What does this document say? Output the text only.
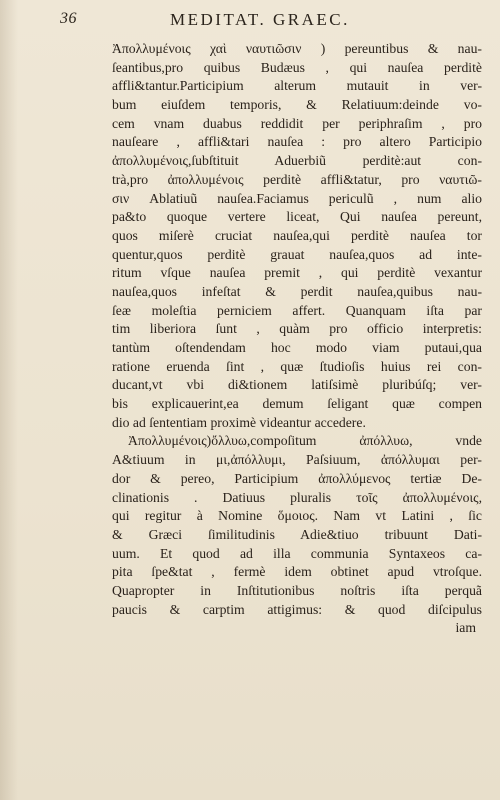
36	MEDITAT. GRAEC.
Ἀπολλυμένοις χαὶ ναυτιῶσιν ) pereuntibus & nau-
ſeantibus,pro quibus Budæus , qui nauſea perditè
affli&tantur.Participium alterum mutauit in ver-
bum eiuſdem temporis, & Relatiuum:deinde vo-
cem vnam duabus reddidit per periphraſim , pro
nauſeare , affli&tari nauſea : pro altero Participio
ἀπολλυμένοις,ſubſtituit Aduerbiũ perditè:aut con-
trà,pro ἀπολλυμένοις perditè affli&tatur, pro ναυτιῶ-
σιν Ablatiuũ nauſea.Faciamus periculũ , num alio
pa&to quoque vertere liceat, Qui nauſea pereunt,
quos miſerè cruciat nauſea,qui perditè nauſea tor
quentur,quos perditè grauat nauſea,quos ad inte-
ritum vſque nauſea premit , qui perditè vexantur
nauſea,quos infeſtat & perdit nauſea,quibus nau-
ſeæ moleſtia perniciem affert. Quanquam iſta par
tim liberiora ſunt , quàm pro officio interpretis:
tantùm oſtendendam hoc modo viam putaui,qua
ratione eruenda ſint , quæ ſtudioſis huius rei con-
ducant,vt vbi di&tionem latiſsimè pluribúſq; ver-
bis explicauerint,ea demum ſeligant quæ compen
dio ad ſententiam proximè videantur accedere.
Ἀπολλυμένοις)ὄλλυω,compoſitum ἀπόλλυω, vnde
A&tiuum in μι,ἀπόλλυμι, Paſsiuum, ἀπόλλυμαι per-
dor & pereo, Participium ἀπολλύμενος tertiæ De-
clinationis . Datiuus pluralis τοῖς ἀπολλυμένοις,
qui regitur à Nomine ὅμοιος. Nam vt Latini , ſic
& Græci ſimilitudinis Adie&tiuo tribuunt Dati-
uum. Et quod ad illa communia Syntaxeos ca-
pita ſpe&tat , fermè idem obtinet apud vtroſque.
Quapropter in Inſtitutionibus noſtris iſta perquã
paucis & carptim attigimus: & quod diſcipulus
iam
